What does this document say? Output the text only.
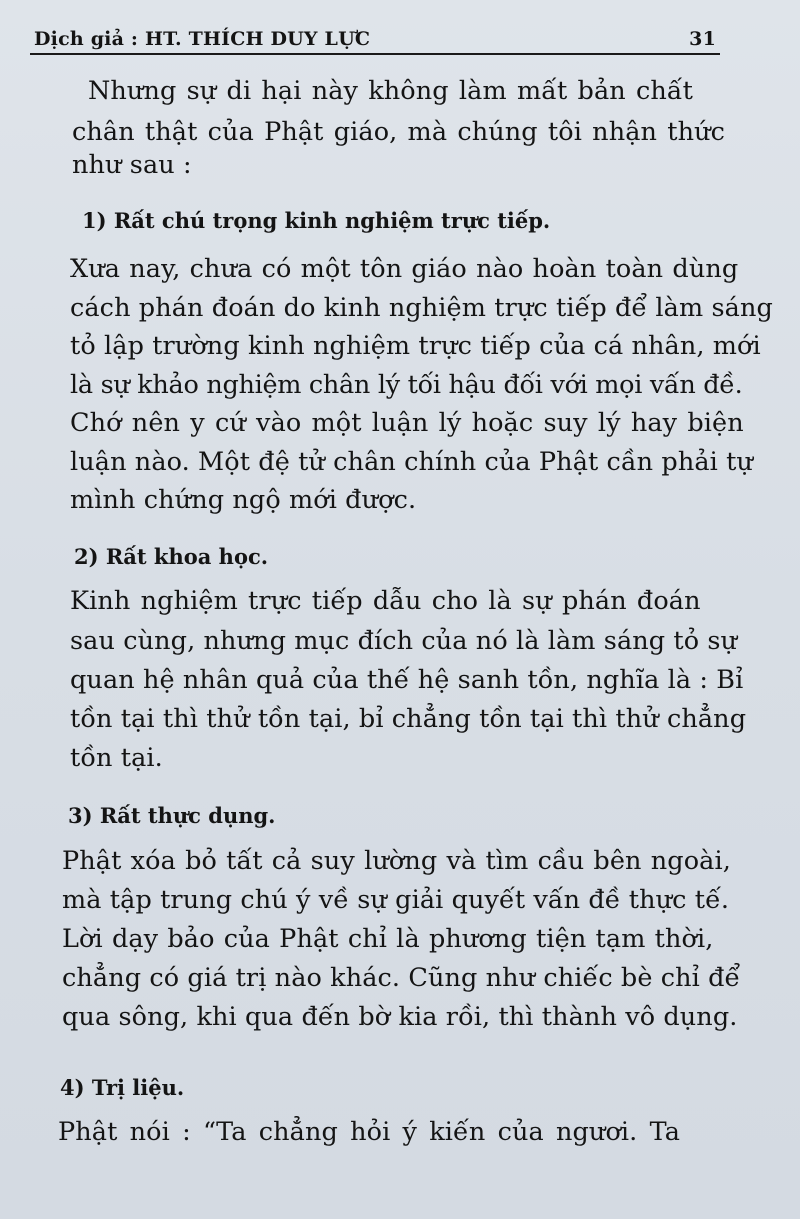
Dịch giả : HT. THÍCH DUY LỰC	31
Nhưng sự di hại này không làm mất bản chất
chân thật của Phật giáo, mà chúng tôi nhận thức
như sau :
1) Rất chú trọng kinh nghiệm trực tiếp.
Xưa nay, chưa có một tôn giáo nào hoàn toàn dùng
cách phán đoán do kinh nghiệm trực tiếp để làm sáng
tỏ lập trường kinh nghiệm trực tiếp của cá nhân, mới
là sự khảo nghiệm chân lý tối hậu đối với mọi vấn đề.
Chớ nên y cứ vào một luận lý hoặc suy lý hay biện
luận nào. Một đệ tử chân chính của Phật cần phải tự
mình chứng ngộ mới được.
2) Rất khoa học.
Kinh nghiệm trực tiếp dẫu cho là sự phán đoán
sau cùng, nhưng mục đích của nó là làm sáng tỏ sự
quan hệ nhân quả của thế hệ sanh tồn, nghĩa là : Bỉ
tồn tại thì thử tồn tại, bỉ chẳng tồn tại thì thử chẳng
tồn tại.
3) Rất thực dụng.
Phật xóa bỏ tất cả suy lường và tìm cầu bên ngoài,
mà tập trung chú ý về sự giải quyết vấn đề thực tế.
Lời dạy bảo của Phật chỉ là phương tiện tạm thời,
chẳng có giá trị nào khác. Cũng như chiếc bè chỉ để
qua sông, khi qua đến bờ kia rồi, thì thành vô dụng.
4) Trị liệu.
Phật nói : “Ta chẳng hỏi ý kiến của ngươi. Ta
